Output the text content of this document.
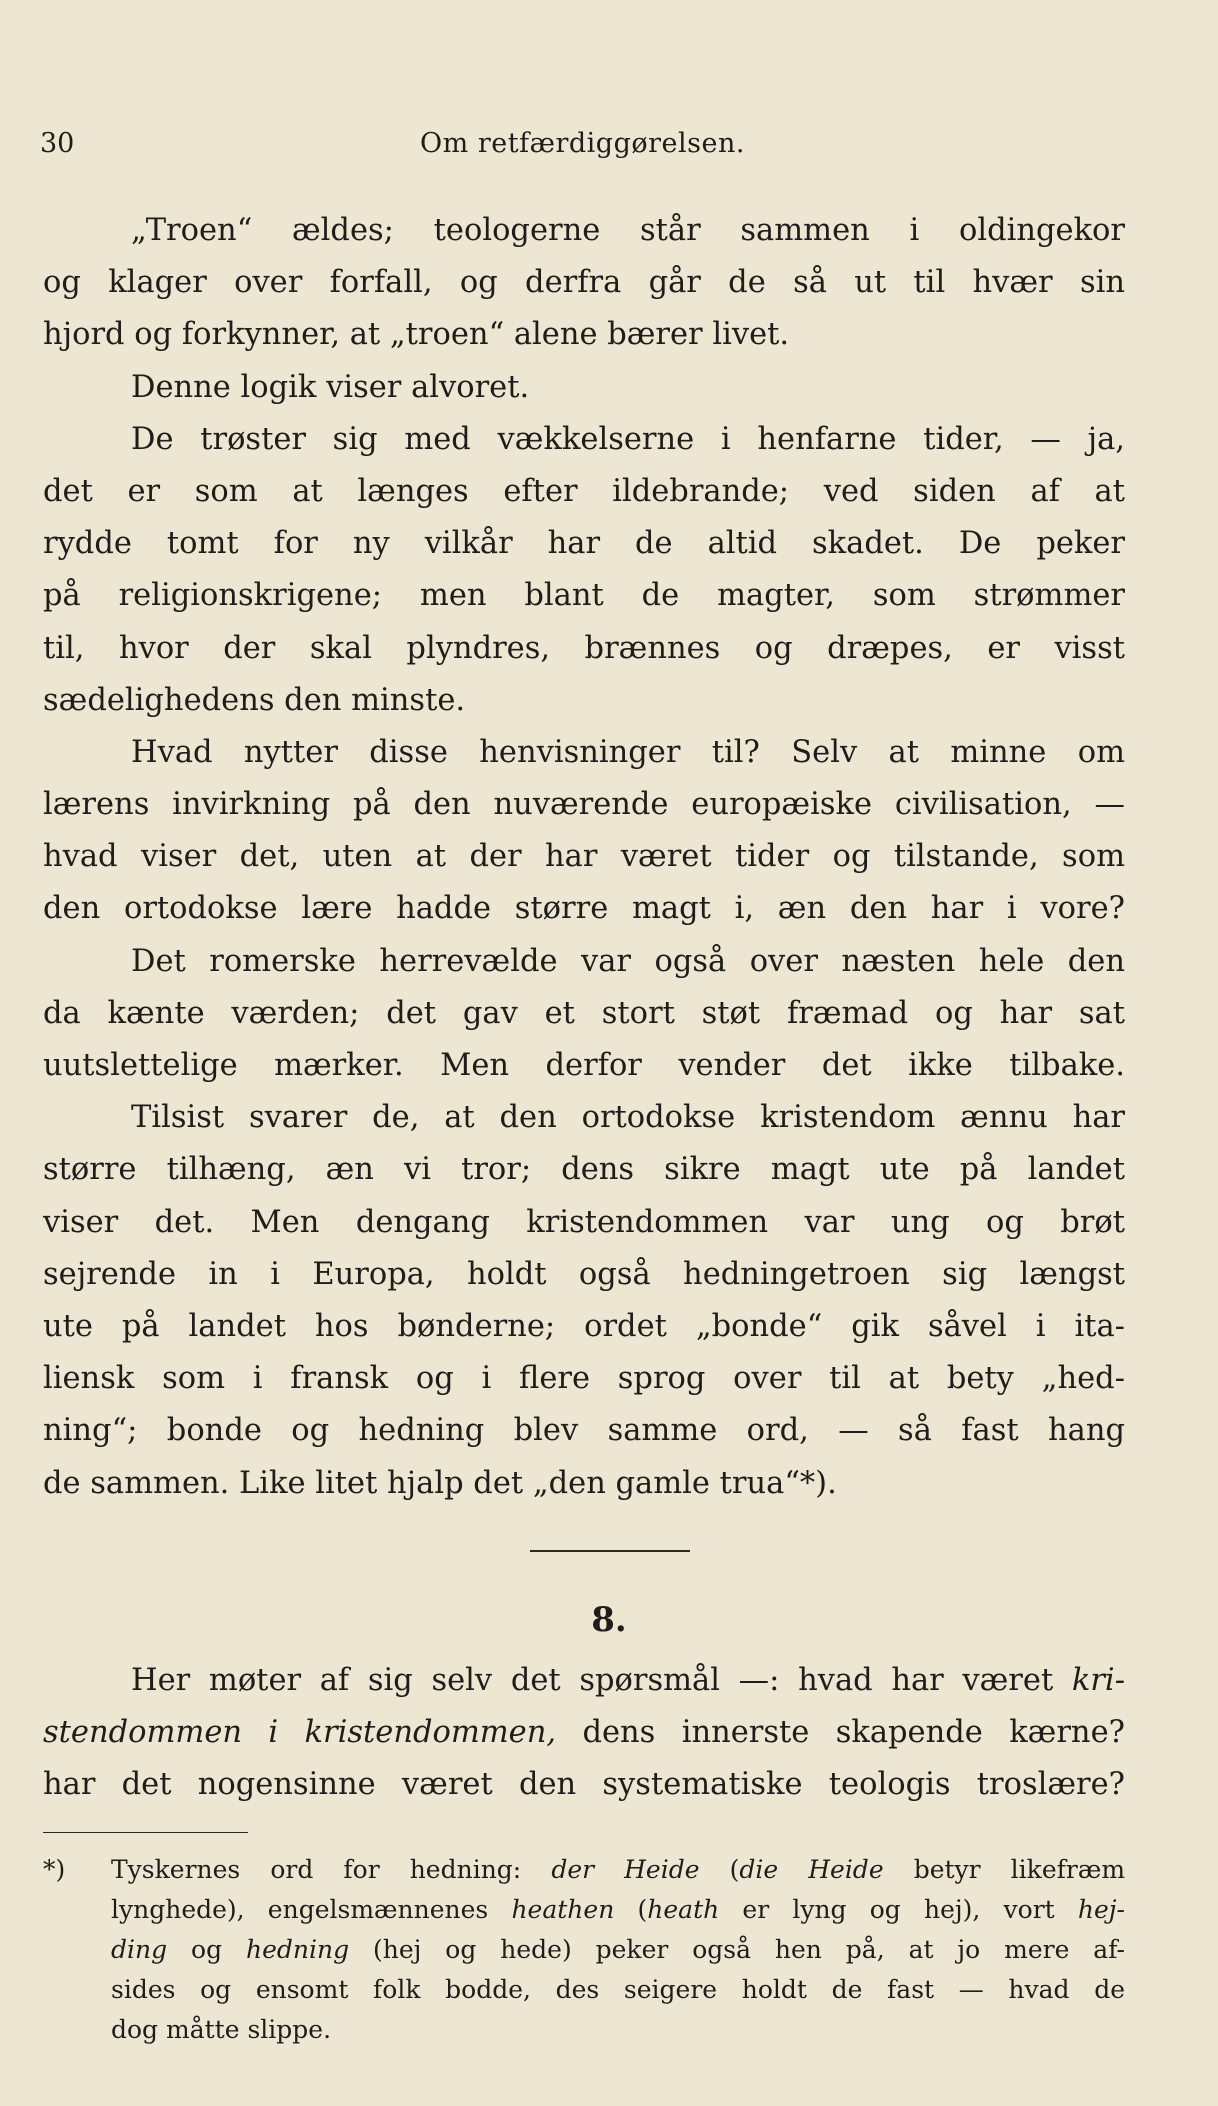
30	Om retfærdiggørelsen.
„Troen“ ældes; teologerne står sammen i oldingekor
og klager over forfall, og derfra går de så ut til hvær sin
hjord og forkynner, at „troen“ alene bærer livet.
Denne logik viser alvoret.
De trøster sig med vækkelserne i henfarne tider, — ja,
det er som at længes efter ildebrande; ved siden af at
rydde tomt for ny vilkår har de altid skadet. De peker
på religionskrigene; men blant de magter, som strømmer
til, hvor der skal plyndres, brænnes og dræpes, er visst
sædelighedens den minste.
Hvad nytter disse henvisninger til? Selv at minne om
lærens invirkning på den nuværende europæiske civilisation, —
hvad viser det, uten at der har været tider og tilstande, som
den ortodokse lære hadde større magt i, æn den har i vore?
Det romerske herrevælde var også over næsten hele den
da kænte værden; det gav et stort støt fræmad og har sat
uutslettelige mærker. Men derfor vender det ikke tilbake.
Tilsist svarer de, at den ortodokse kristendom ænnu har
større tilhæng, æn vi tror; dens sikre magt ute på landet
viser det. Men dengang kristendommen var ung og brøt
sejrende in i Europa, holdt også hedningetroen sig længst
ute på landet hos bønderne; ordet „bonde“ gik såvel i ita-
liensk som i fransk og i flere sprog over til at bety „hed-
ning“; bonde og hedning blev samme ord, — så fast hang
de sammen. Like litet hjalp det „den gamle trua“*).
8.
Her møter af sig selv det spørsmål —: hvad har været kri-
stendommen i kristendommen, dens innerste skapende kærne?
har det nogensinne været den systematiske teologis troslære?
*) Tyskernes ord for hedning: der Heide (die Heide betyr likefræm
lynghede), engelsmænnenes heathen (heath er lyng og hej), vort hej-
ding og hedning (hej og hede) peker også hen på, at jo mere af-
sides og ensomt folk bodde, des seigere holdt de fast — hvad de
dog måtte slippe.
